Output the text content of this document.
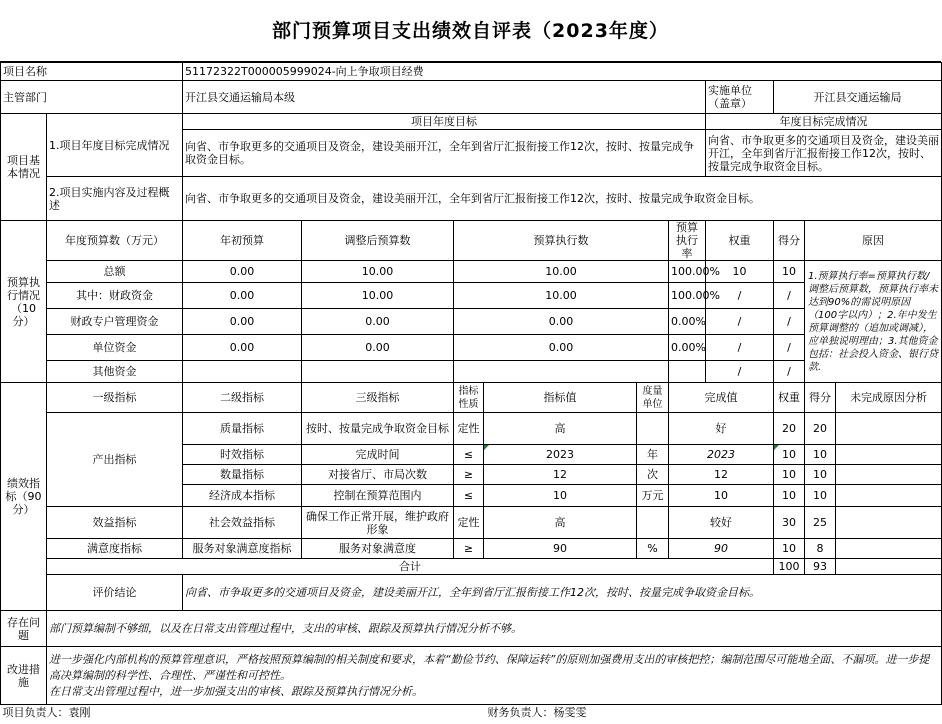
部门预算项目支出绩效自评表（2023年度）
项目名称		51172322T000005999024-向上争取项目经费									
主管部门		开江县交通运输局本级						实施单位（盖章）	开江县交通运输局		
项目基本情况	1.项目年度目标完成情况	项目年度目标						年度目标完成情况			
		向省、市争取更多的交通项目及资金，建设美丽开江，全年到省厅汇报衔接工作12次，按时、按量完成争取资金目标。						向省、市争取更多的交通项目及资金，建设美丽开江，全年到省厅汇报衔接工作12次，按时、按量完成争取资金目标。			
	2.项目实施内容及过程概述	向省、市争取更多的交通项目及资金，建设美丽开江，全年到省厅汇报衔接工作12次，按时、按量完成争取资金目标。									
预算执行情况（10分）	年度预算数（万元）	年初预算	调整后预算数	预算执行数			预算执行率	权重	得分	原因	
	总额	0.00	10.00	10.00			100.00%	10	10	1.预算执行率=预算执行数/调整后预算数，预算执行率未达到90%的需说明原因（100字以内）；2.年中发生预算调整的（追加或调减），应单独说明理由；3.其他资金包括：社会投入资金、银行贷款.	
	其中：财政资金	0.00	10.00	10.00			100.00%	/	/		
	财政专户管理资金	0.00	0.00	0.00			0.00%	/	/		
	单位资金	0.00	0.00	0.00			0.00%	/	/		
	其他资金							/	/		
绩效指标（90分）	一级指标	二级指标	三级指标	指标性质	指标值	度量单位	完成值		权重	得分	未完成原因分析
	产出指标	质量指标	按时、按量完成争取资金目标	定性	高		好		20	20	
		时效指标	完成时间	≤	2023	年	2023		10	10	
		数量指标	对接省厅、市局次数	≥	12	次	12		10	10	
		经济成本指标	控制在预算范围内	≤	10	万元	10		10	10	
	效益指标	社会效益指标	确保工作正常开展，维护政府形象	定性	高		较好		30	25	
	满意度指标	服务对象满意度指标	服务对象满意度	≥	90	%	90		10	8	
	合计								100	93	
	评价结论	向省、市争取更多的交通项目及资金，建设美丽开江，全年到省厅汇报衔接工作12次，按时、按量完成争取资金目标。									
存在问题	部门预算编制不够细，以及在日常支出管理过程中，支出的审核、跟踪及预算执行情况分析不够。										
改进措施	进一步强化内部机构的预算管理意识，严格按照预算编制的相关制度和要求，本着“勤俭节约、保障运转”的原则加强费用支出的审核把控；编制范围尽可能地全面、不漏项。进一步提高决算编制的科学性、合理性、严谨性和可控性。
在日常支出管理过程中，进一步加强支出的审核、跟踪及预算执行情况分析。										

项目负责人：袁刚				财务负责人：杨雯雯							
